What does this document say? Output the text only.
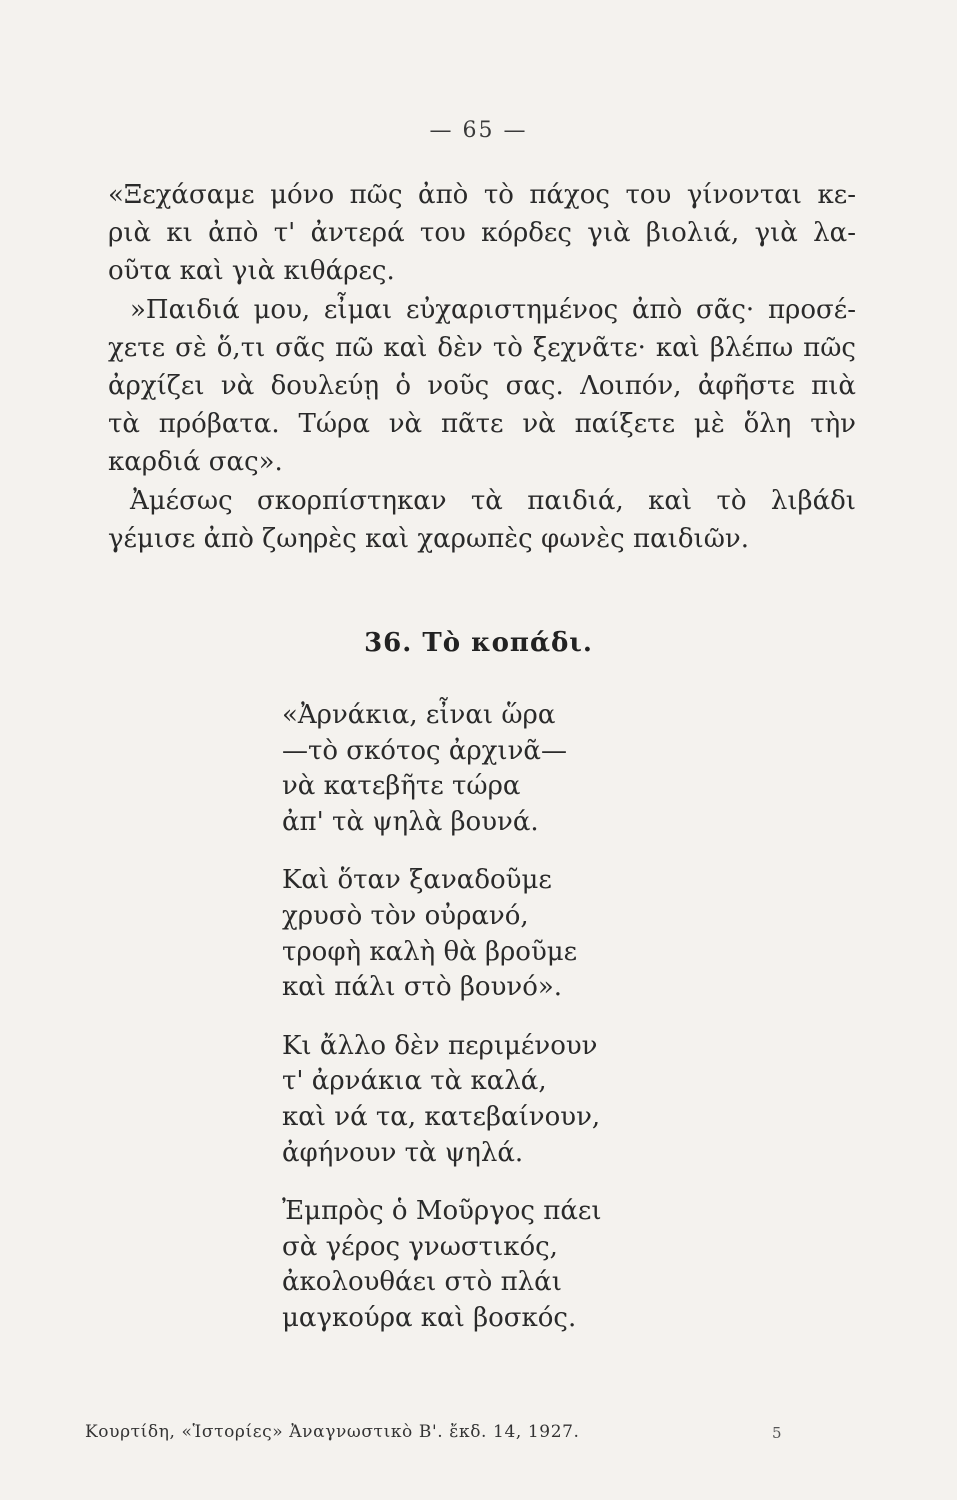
— 65 —
«Ξεχάσαμε μόνο πῶς ἀπὸ τὸ πάχος του γίνονται κε-
ριὰ κι ἀπὸ τ' ἀντερά του κόρδες γιὰ βιολιά, γιὰ λα-
οῦτα καὶ γιὰ κιθάρες.
»Παιδιά μου, εἶμαι εὐχαριστημένος ἀπὸ σᾶς· προσέ-
χετε σὲ ὅ,τι σᾶς πῶ καὶ δὲν τὸ ξεχνᾶτε· καὶ βλέπω πῶς
ἀρχίζει νὰ δουλεύῃ ὁ νοῦς σας. Λοιπόν, ἀφῆστε πιὰ
τὰ πρόβατα. Τώρα νὰ πᾶτε νὰ παίξετε μὲ ὅλη τὴν
καρδιά σας».
Ἀμέσως σκορπίστηκαν τὰ παιδιά, καὶ τὸ λιβάδι
γέμισε ἀπὸ ζωηρὲς καὶ χαρωπὲς φωνὲς παιδιῶν.
36. Τὸ κοπάδι.
«Ἀρνάκια, εἶναι ὥρα
—τὸ σκότος ἀρχινᾶ—
νὰ κατεβῆτε τώρα
ἀπ' τὰ ψηλὰ βουνά.
Καὶ ὅταν ξαναδοῦμε
χρυσὸ τὸν οὐρανό,
τροφὴ καλὴ θὰ βροῦμε
καὶ πάλι στὸ βουνό».
Κι ἄλλο δὲν περιμένουν
τ' ἀρνάκια τὰ καλά,
καὶ νά τα, κατεβαίνουν,
ἀφήνουν τὰ ψηλά.
Ἐμπρὸς ὁ Μοῦργος πάει
σὰ γέρος γνωστικός,
ἀκολουθάει στὸ πλάι
μαγκούρα καὶ βοσκός.
Κουρτίδη, «Ἱστορίες» Ἀναγνωστικὸ Β'. ἔκδ. 14, 1927.	5
